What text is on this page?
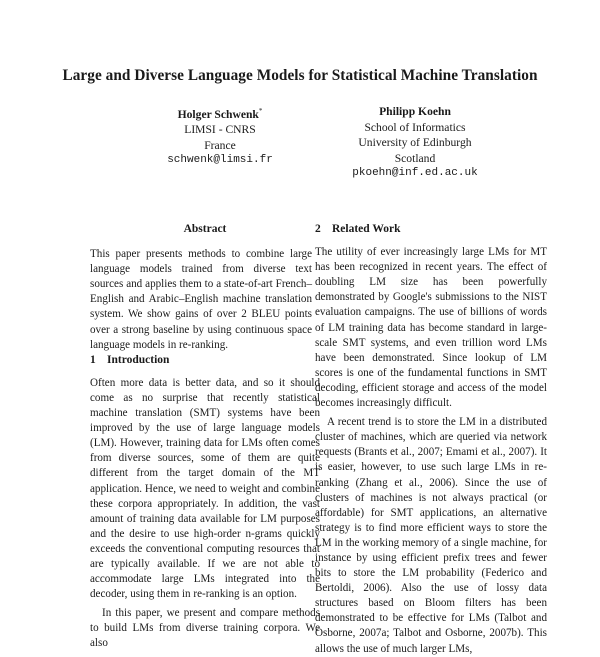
Large and Diverse Language Models for Statistical Machine Translation
Holger Schwenk*
LIMSI - CNRS
France
schwenk@limsi.fr
Philipp Koehn
School of Informatics
University of Edinburgh
Scotland
pkoehn@inf.ed.ac.uk
Abstract

This paper presents methods to combine large language models trained from diverse text sources and applies them to a state-of-art French–English and Arabic–English machine translation system. We show gains of over 2 BLEU points over a strong baseline by using continuous space language models in re-ranking.

1 Introduction

Often more data is better data, and so it should come as no surprise that recently statistical machine translation (SMT) systems have been improved by the use of large language models (LM). However, training data for LMs often comes from diverse sources, some of them are quite different from the target domain of the MT application. Hence, we need to weight and combine these corpora appropriately. In addition, the vast amount of training data available for LM purposes and the desire to use high-order n-grams quickly exceeds the conventional computing resources that are typically available. If we are not able to accommodate large LMs integrated into the decoder, using them in re-ranking is an option.

In this paper, we present and compare methods to build LMs from diverse training corpora. We also

2 Related Work

The utility of ever increasingly large LMs for MT has been recognized in recent years. The effect of doubling LM size has been powerfully demonstrated by Google's submissions to the NIST evaluation campaigns. The use of billions of words of LM training data has become standard in large-scale SMT systems, and even trillion word LMs have been demonstrated. Since lookup of LM scores is one of the fundamental functions in SMT decoding, efficient storage and access of the model becomes increasingly difficult.

A recent trend is to store the LM in a distributed cluster of machines, which are queried via network requests (Brants et al., 2007; Emami et al., 2007). It is easier, however, to use such large LMs in re-ranking (Zhang et al., 2006). Since the use of clusters of machines is not always practical (or affordable) for SMT applications, an alternative strategy is to find more efficient ways to store the LM in the working memory of a single machine, for instance by using efficient prefix trees and fewer bits to store the LM probability (Federico and Bertoldi, 2006). Also the use of lossy data structures based on Bloom filters has been demonstrated to be effective for LMs (Talbot and Osborne, 2007a; Talbot and Osborne, 2007b). This allows the use of much larger LMs,
